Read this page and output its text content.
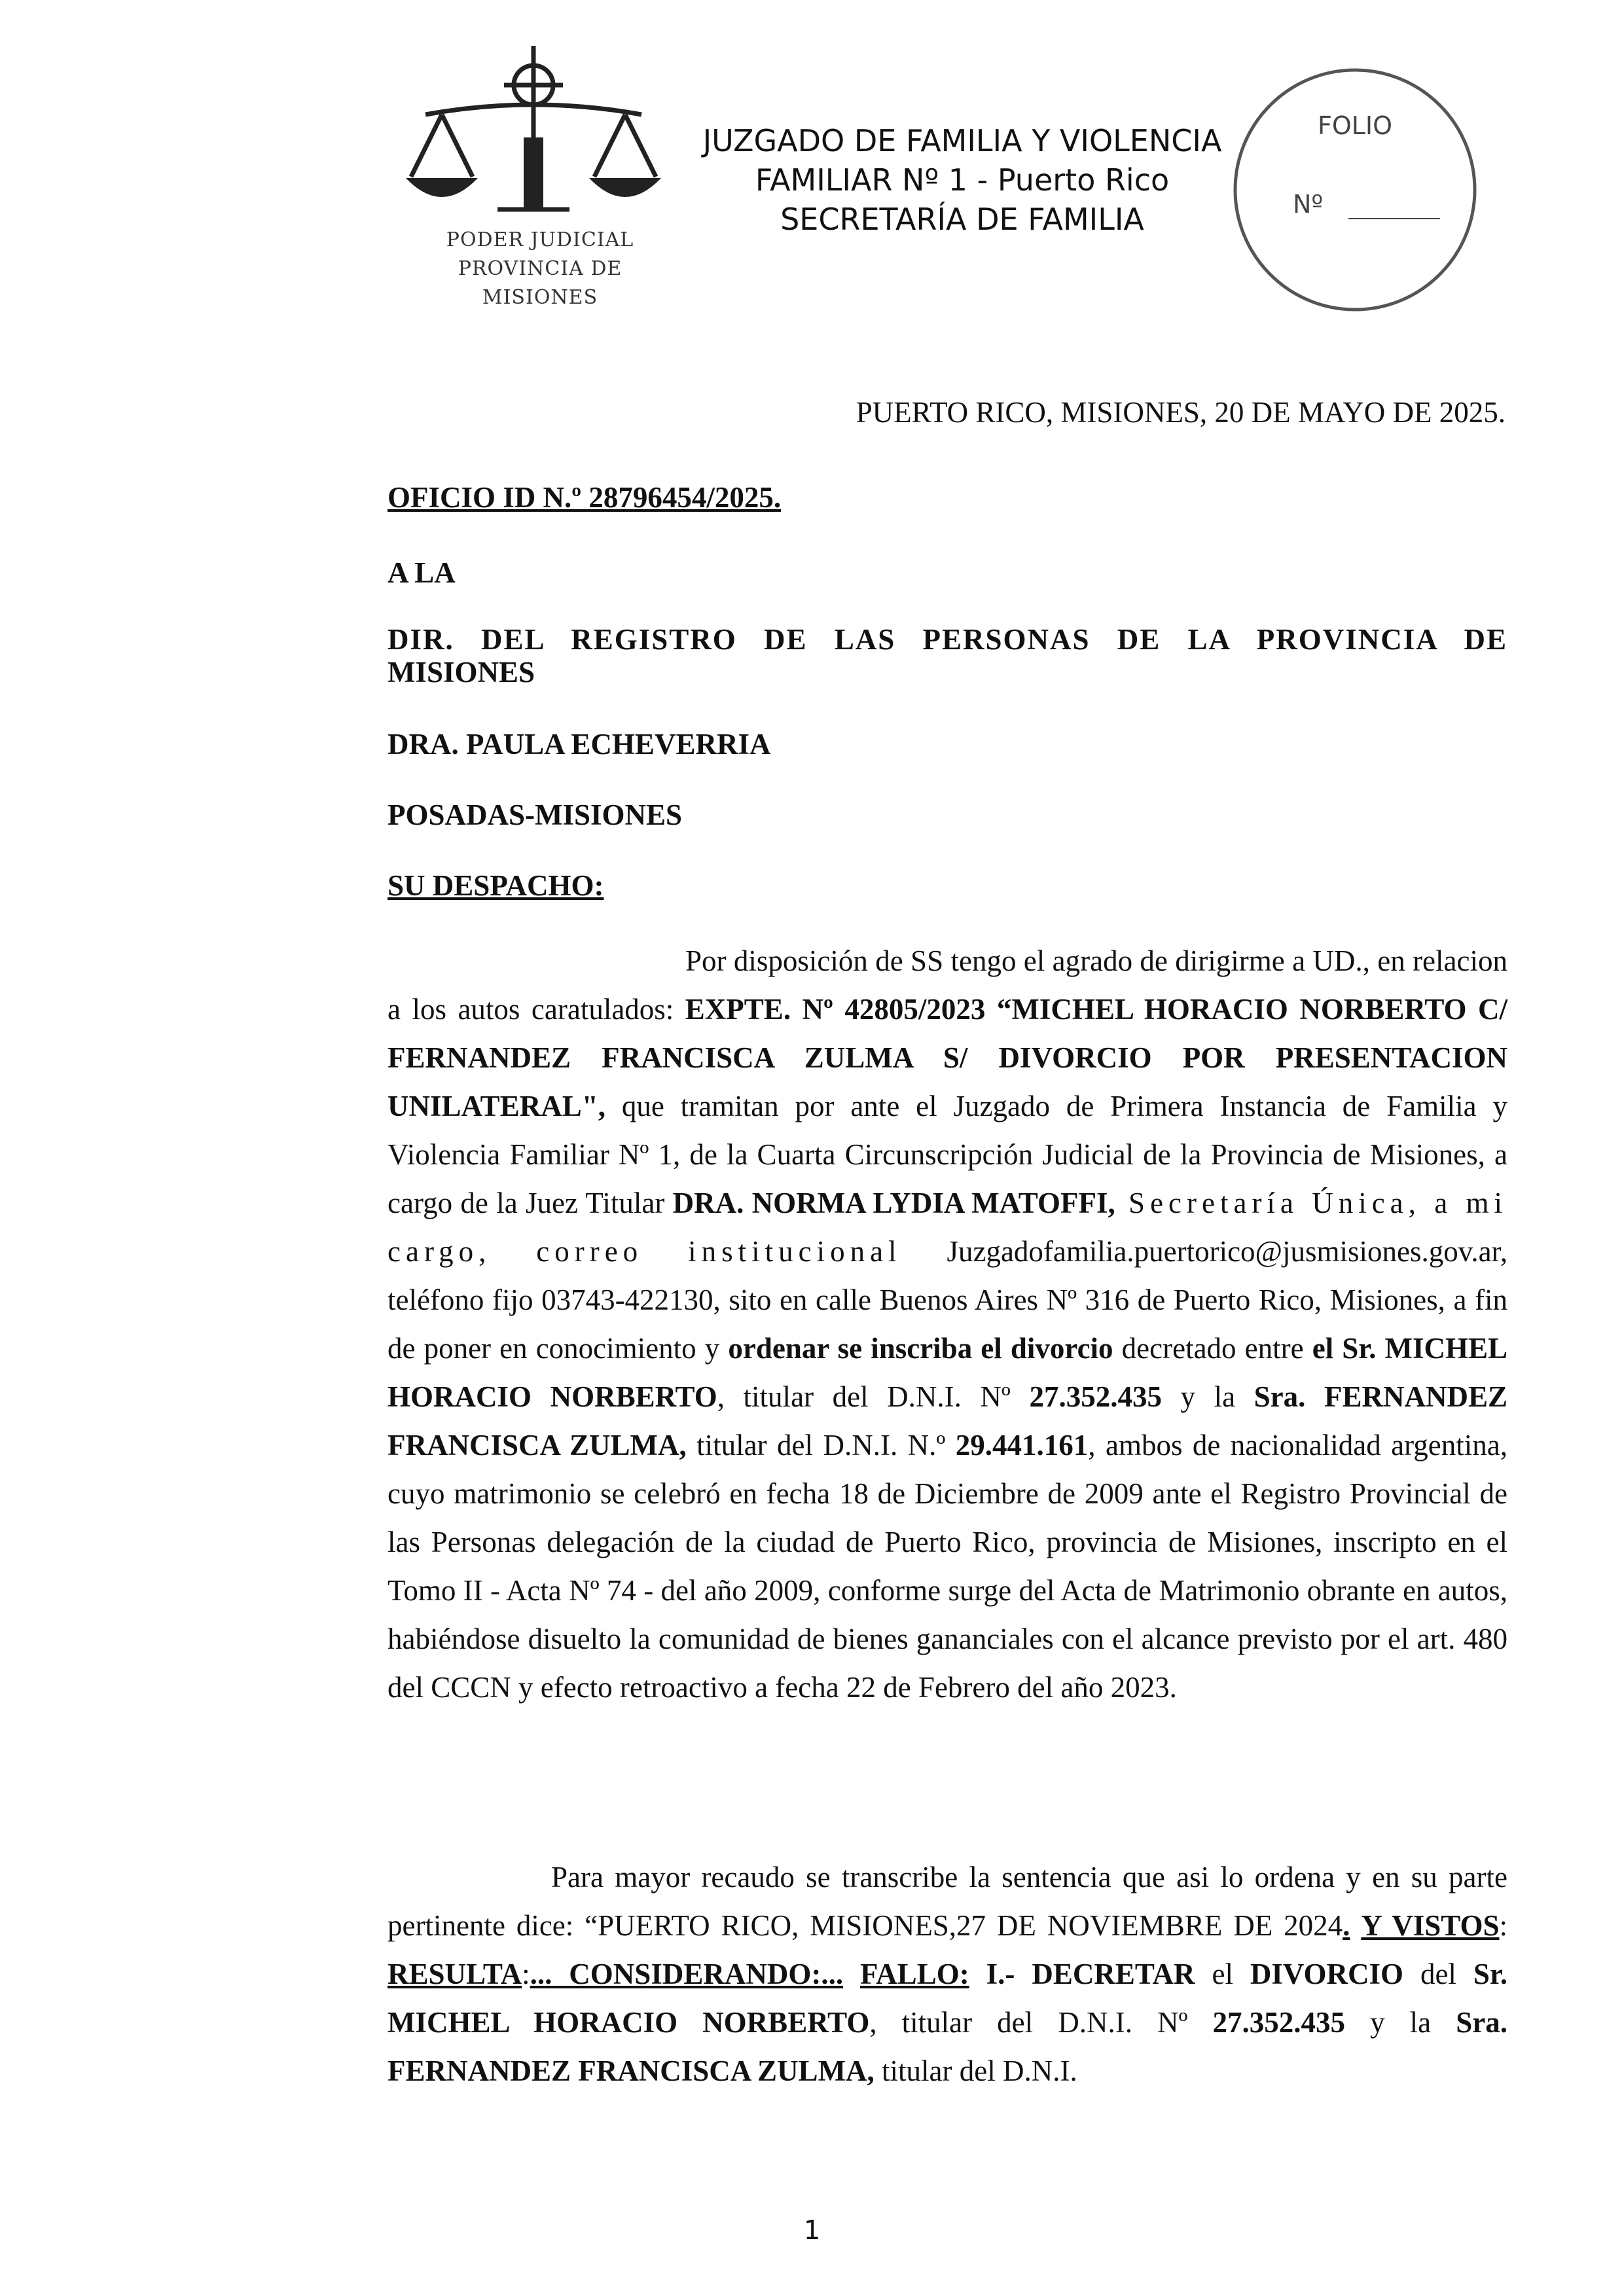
PODER JUDICIAL
PROVINCIA DE MISIONES
JUZGADO DE FAMILIA Y VIOLENCIA
FAMILIAR Nº 1 - Puerto Rico
SECRETARÍA DE FAMILIA
FOLIO
Nº
PUERTO RICO, MISIONES, 20 DE MAYO DE 2025.
OFICIO ID N.º 28796454/2025.
A LA
DIR. DEL REGISTRO DE LAS PERSONAS DE LA PROVINCIA DE
MISIONES
DRA. PAULA ECHEVERRIA
POSADAS-MISIONES
SU DESPACHO:
Por disposición de SS tengo el agrado de dirigirme a UD., en relacion a los autos caratulados: EXPTE. Nº 42805/2023 “MICHEL HORACIO NORBERTO C/ FERNANDEZ FRANCISCA ZULMA S/ DIVORCIO POR PRESENTACION UNILATERAL", que tramitan por ante el Juzgado de Primera Instancia de Familia y Violencia Familiar Nº 1, de la Cuarta Circunscripción Judicial de la Provincia de Misiones, a cargo de la Juez Titular DRA. NORMA LYDIA MATOFFI, Secretaría Única, a mi cargo, correo institucional Juzgadofamilia.puertorico@jusmisiones.gov.ar, teléfono fijo 03743-422130, sito en calle Buenos Aires Nº 316 de Puerto Rico, Misiones, a fin de poner en conocimiento y ordenar se inscriba el divorcio decretado entre el Sr. MICHEL HORACIO NORBERTO, titular del D.N.I. Nº 27.352.435 y la Sra. FERNANDEZ FRANCISCA ZULMA, titular del D.N.I. N.º 29.441.161, ambos de nacionalidad argentina, cuyo matrimonio se celebró en fecha 18 de Diciembre de 2009 ante el Registro Provincial de las Personas delegación de la ciudad de Puerto Rico, provincia de Misiones, inscripto en el Tomo II - Acta Nº 74 - del año 2009, conforme surge del Acta de Matrimonio obrante en autos, habiéndose disuelto la comunidad de bienes gananciales con el alcance previsto por el art. 480 del CCCN y efecto retroactivo a fecha 22 de Febrero del año 2023.
Para mayor recaudo se transcribe la sentencia que asi lo ordena y en su parte pertinente dice: “PUERTO RICO, MISIONES,27 DE NOVIEMBRE DE 2024. Y VISTOS: RESULTA:... CONSIDERANDO:... FALLO: I.- DECRETAR el DIVORCIO del Sr. MICHEL HORACIO NORBERTO, titular del D.N.I. Nº 27.352.435 y la Sra. FERNANDEZ FRANCISCA ZULMA, titular del D.N.I.
1
